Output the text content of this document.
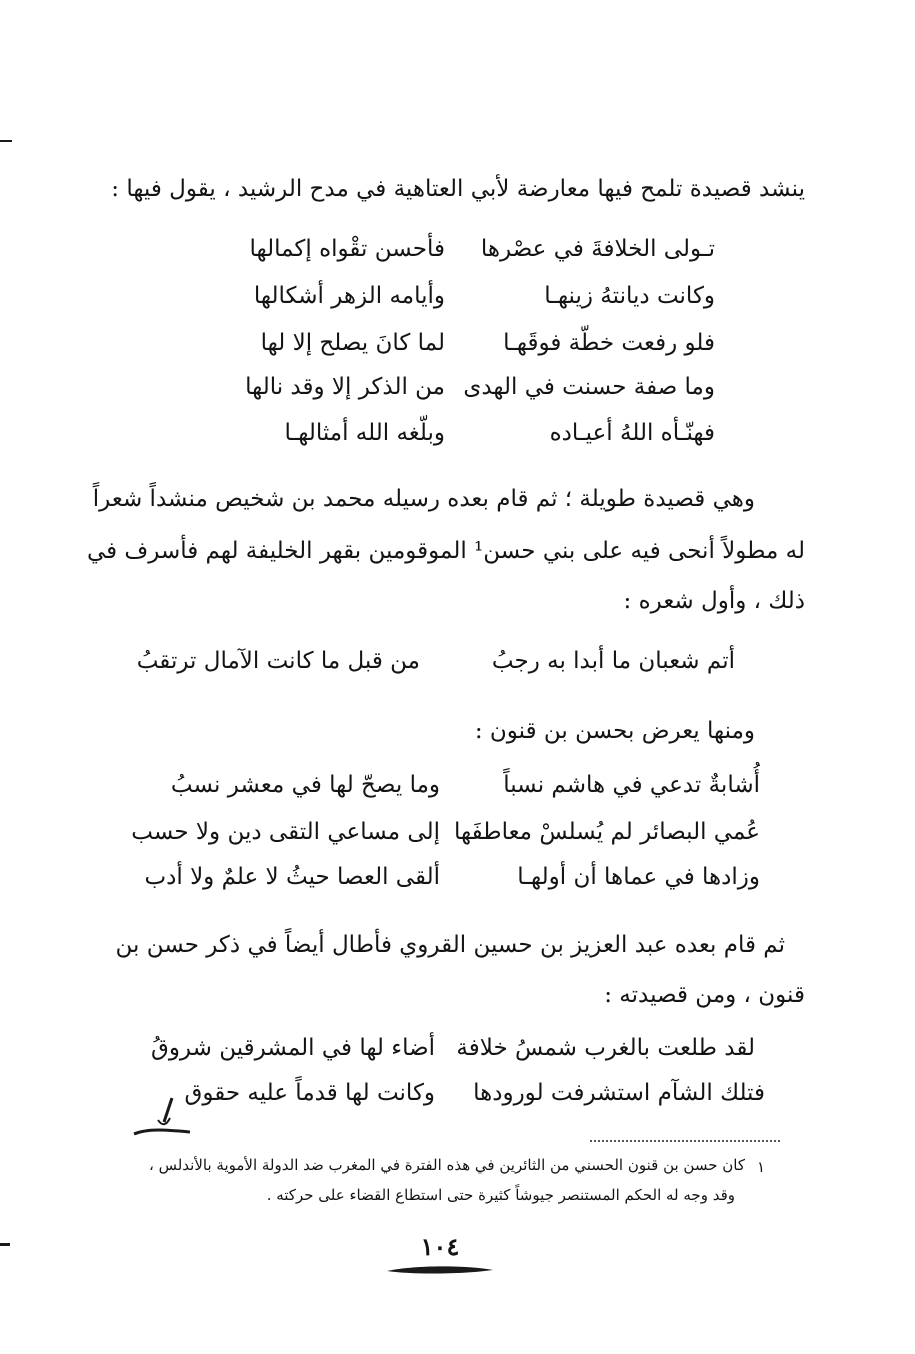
ينشد قصيدة تلمح فيها معارضة لأبي العتاهية في مدح الرشيد ، يقول فيها :
تـولى الخلافةَ في عصْرها
فأحسن تقْواه إكمالها
وكانت ديانتهُ زينهـا
وأيامه الزهر أشكالها
فلو رفعت خطّة فوقَهـا
لما كانَ يصلح إلا لها
وما صفة حسنت في الهدى
من الذكر إلا وقد نالها
فهنّـأه اللهُ أعيـاده
وبلّغه الله أمثالهـا
وهي قصيدة طويلة ؛ ثم قام بعده رسيله محمد بن شخيص منشداً شعراً
له مطولاً أنحى فيه على بني حسن¹ الموقومين بقهر الخليفة لهم فأسرف في
ذلك ، وأول شعره :
أتم شعبان ما أبدا به رجبُ
من قبل ما كانت الآمال ترتقبُ
ومنها يعرض بحسن بن قنون :
أُشابةٌ تدعي في هاشم نسباً
وما يصحّ لها في معشر نسبُ
عُمي البصائر لم يُسلسْ معاطفَها
إلى مساعي التقى دين ولا حسب
وزادها في عماها أن أولهـا
ألقى العصا حيثُ لا علمٌ ولا أدب
ثم قام بعده عبد العزيز بن حسين القروي فأطال أيضاً في ذكر حسن بن
قنون ، ومن قصيدته :
لقد طلعت بالغرب شمسُ خلافة
أضاء لها في المشرقين شروقُ
فتلك الشآم استشرفت لورودها
وكانت لها قدماً عليه حقوق
١
كان حسن بن قنون الحسني من الثائرين في هذه الفترة في المغرب ضد الدولة الأموية بالأندلس ،
وقد وجه له الحكم المستنصر جيوشاً كثيرة حتى استطاع القضاء على حركته .
١٠٤
